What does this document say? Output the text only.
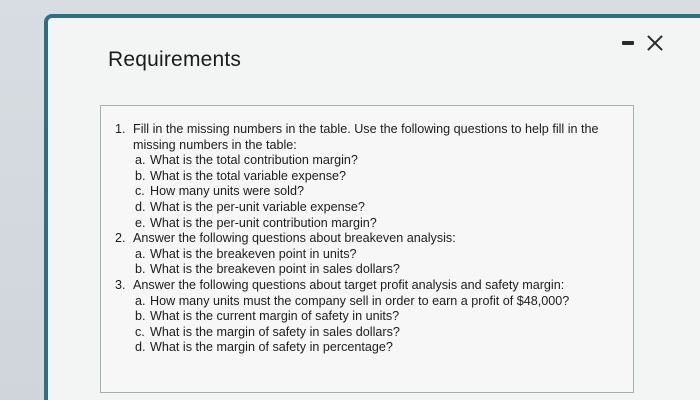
Requirements
1. Fill in the missing numbers in the table. Use the following questions to help fill in the missing numbers in the table:
a. What is the total contribution margin?
b. What is the total variable expense?
c. How many units were sold?
d. What is the per-unit variable expense?
e. What is the per-unit contribution margin?
2. Answer the following questions about breakeven analysis:
a. What is the breakeven point in units?
b. What is the breakeven point in sales dollars?
3. Answer the following questions about target profit analysis and safety margin:
a. How many units must the company sell in order to earn a profit of $48,000?
b. What is the current margin of safety in units?
c. What is the margin of safety in sales dollars?
d. What is the margin of safety in percentage?
